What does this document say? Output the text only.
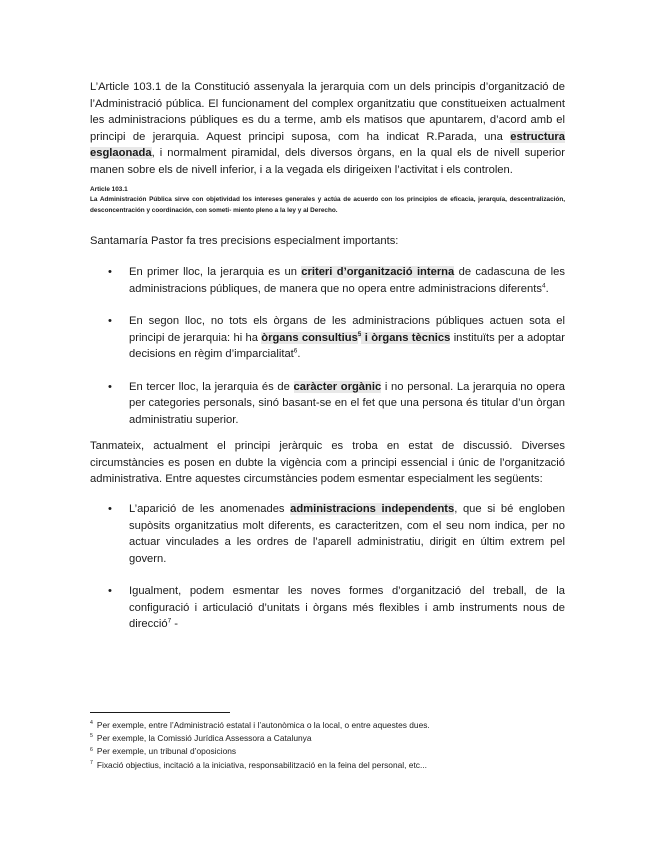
L’Article 103.1 de la Constitució assenyala la jerarquia com un dels principis d’organització de l’Administració pública. El funcionament del complex organitzatiu que constitueixen actualment les administracions públiques es du a terme, amb els matisos que apuntarem, d’acord amb el principi de jerarquia. Aquest principi suposa, com ha indicat R.Parada, una estructura esglaonada, i normalment piramidal, dels diversos òrgans, en la qual els de nivell superior manen sobre els de nivell inferior, i a la vegada els dirigeixen l’activitat i els controlen.

Article 103.1

La Administración Pública sirve con objetividad los intereses generales y actúa de acuerdo con los principios de eficacia, jerarquía, descentralización, desconcentración y coordinación, con someti- miento pleno a la ley y al Derecho.

Santamaría Pastor fa tres precisions especialment importants:

• En primer lloc, la jerarquia es un criteri d’organització interna de cadascuna de les administracions públiques, de manera que no opera entre administracions diferents$^4$.
• En segon lloc, no tots els òrgans de les administracions públiques actuen sota el principi de jerarquia: hi ha òrgans consultius$^5$ i òrgans tècnics instituïts per a adoptar decisions en règim d’imparcialitat$^6$.
• En tercer lloc, la jerarquia és de caràcter orgànic i no personal. La jerarquia no opera per categories personals, sinó basant-se en el fet que una persona és titular d’un òrgan administratiu superior.

Tanmateix, actualment el principi jeràrquic es troba en estat de discussió. Diverses circumstàncies es posen en dubte la vigència com a principi essencial i únic de l’organització administrativa. Entre aquestes circumstàncies podem esmentar especialment les següents:

• L’aparició de les anomenades administracions independents, que si bé engloben supòsits organitzatius molt diferents, es caracteritzen, com el seu nom indica, per no actuar vinculades a les ordres de l’aparell administratiu, dirigit en últim extrem pel govern.
• Igualment, podem esmentar les noves formes d’organització del treball, de la configuració i articulació d’unitats i òrgans més flexibles i amb instruments nous de direcció$^7$ -
$^4$ Per exemple, entre l’Administració estatal i l’autonòmica o la local, o entre aquestes dues.
$^5$ Per exemple, la Comissió Jurídica Assessora a Catalunya
$^6$ Per exemple, un tribunal d’oposicions
$^7$ Fixació objectius, incitació a la iniciativa, responsabilització en la feina del personal, etc...
